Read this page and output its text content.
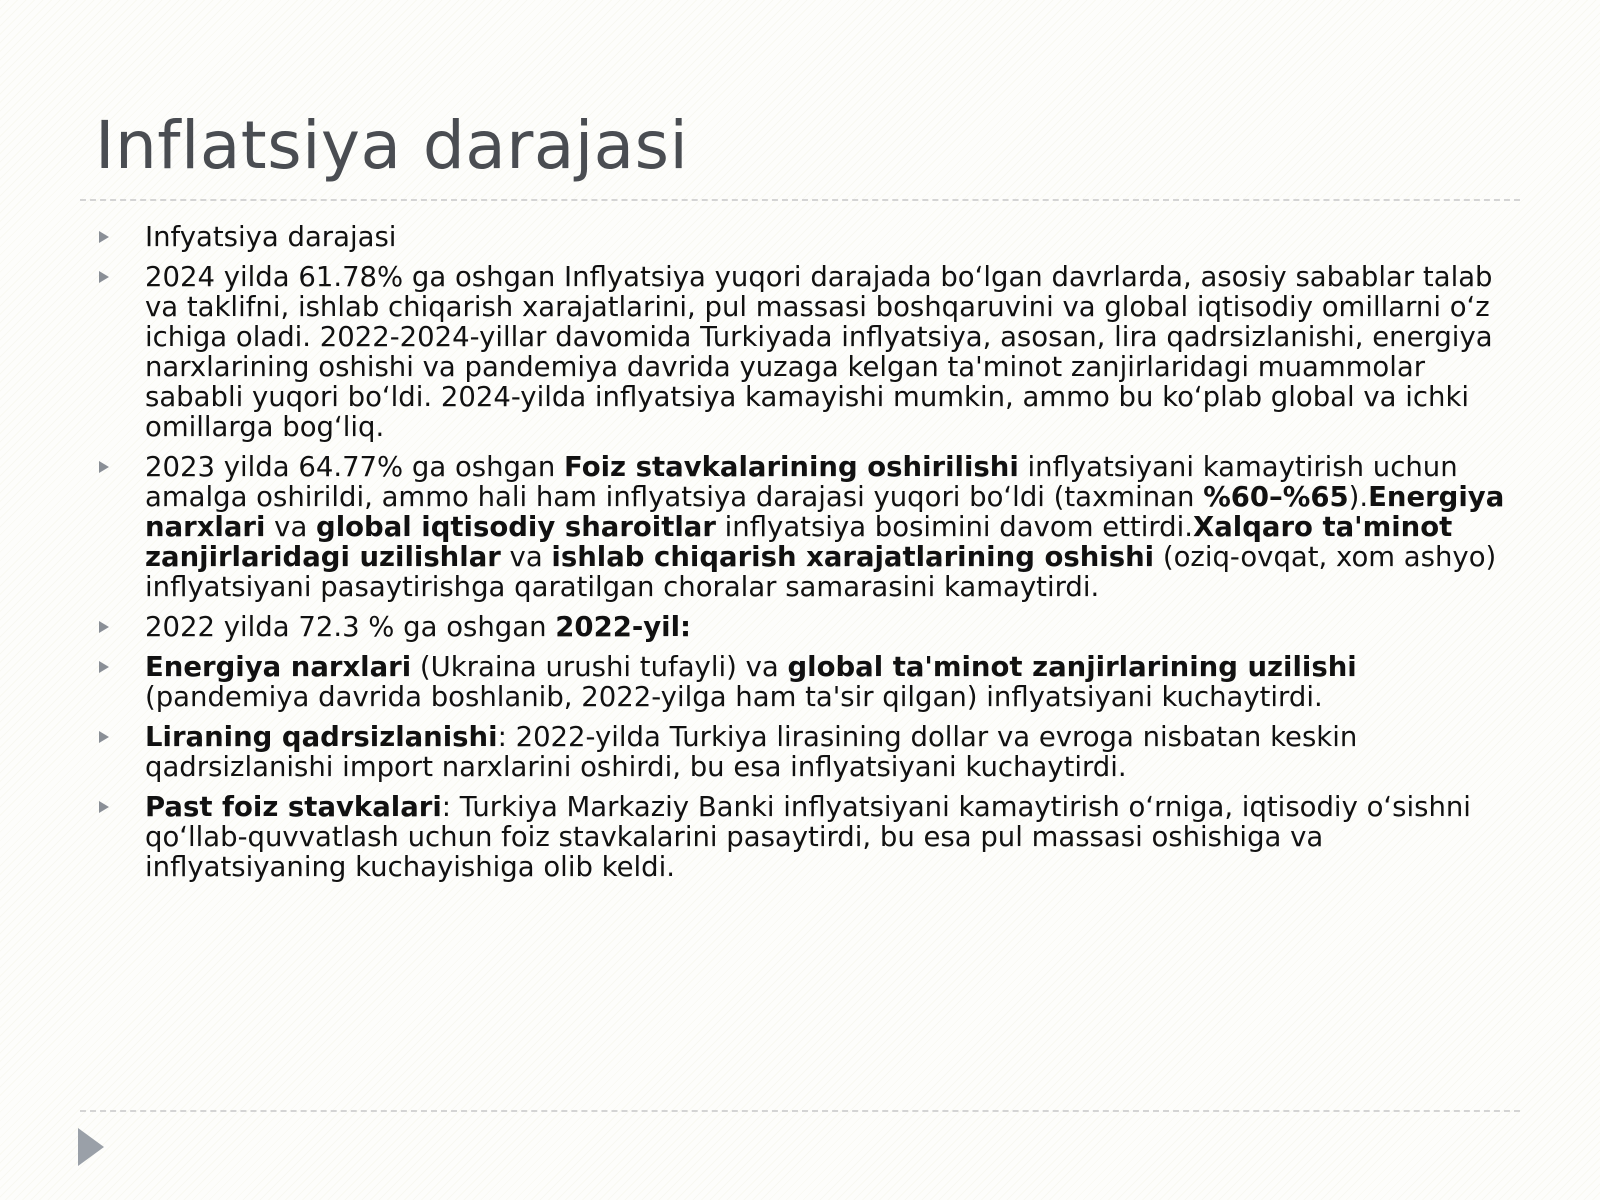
Inflatsiya darajasi
Infyatsiya darajasi
2024 yilda 61.78% ga oshgan Inflyatsiya yuqori darajada boʻlgan davrlarda, asosiy sabablar talab va taklifni, ishlab chiqarish xarajatlarini, pul massasi boshqaruvini va global iqtisodiy omillarni oʻz ichiga oladi. 2022-2024-yillar davomida Turkiyada inflyatsiya, asosan, lira qadrsizlanishi, energiya narxlarining oshishi va pandemiya davrida yuzaga kelgan ta'minot zanjirlaridagi muammolar sababli yuqori boʻldi. 2024-yilda inflyatsiya kamayishi mumkin, ammo bu koʻplab global va ichki omillarga bogʻliq.
2023 yilda 64.77% ga oshgan Foiz stavkalarining oshirilishi inflyatsiyani kamaytirish uchun amalga oshirildi, ammo hali ham inflyatsiya darajasi yuqori boʻldi (taxminan %60–%65).Energiya narxlari va global iqtisodiy sharoitlar inflyatsiya bosimini davom ettirdi.Xalqaro ta'minot zanjirlaridagi uzilishlar va ishlab chiqarish xarajatlarining oshishi (oziq-ovqat, xom ashyo) inflyatsiyani pasaytirishga qaratilgan choralar samarasini kamaytirdi.
2022 yilda 72.3 % ga oshgan 2022-yil:
Energiya narxlari (Ukraina urushi tufayli) va global ta'minot zanjirlarining uzilishi (pandemiya davrida boshlanib, 2022-yilga ham ta'sir qilgan) inflyatsiyani kuchaytirdi.
Liraning qadrsizlanishi: 2022-yilda Turkiya lirasining dollar va evroga nisbatan keskin qadrsizlanishi import narxlarini oshirdi, bu esa inflyatsiyani kuchaytirdi.
Past foiz stavkalari: Turkiya Markaziy Banki inflyatsiyani kamaytirish oʻrniga, iqtisodiy oʻsishni qoʻllab-quvvatlash uchun foiz stavkalarini pasaytirdi, bu esa pul massasi oshishiga va inflyatsiyaning kuchayishiga olib keldi.
